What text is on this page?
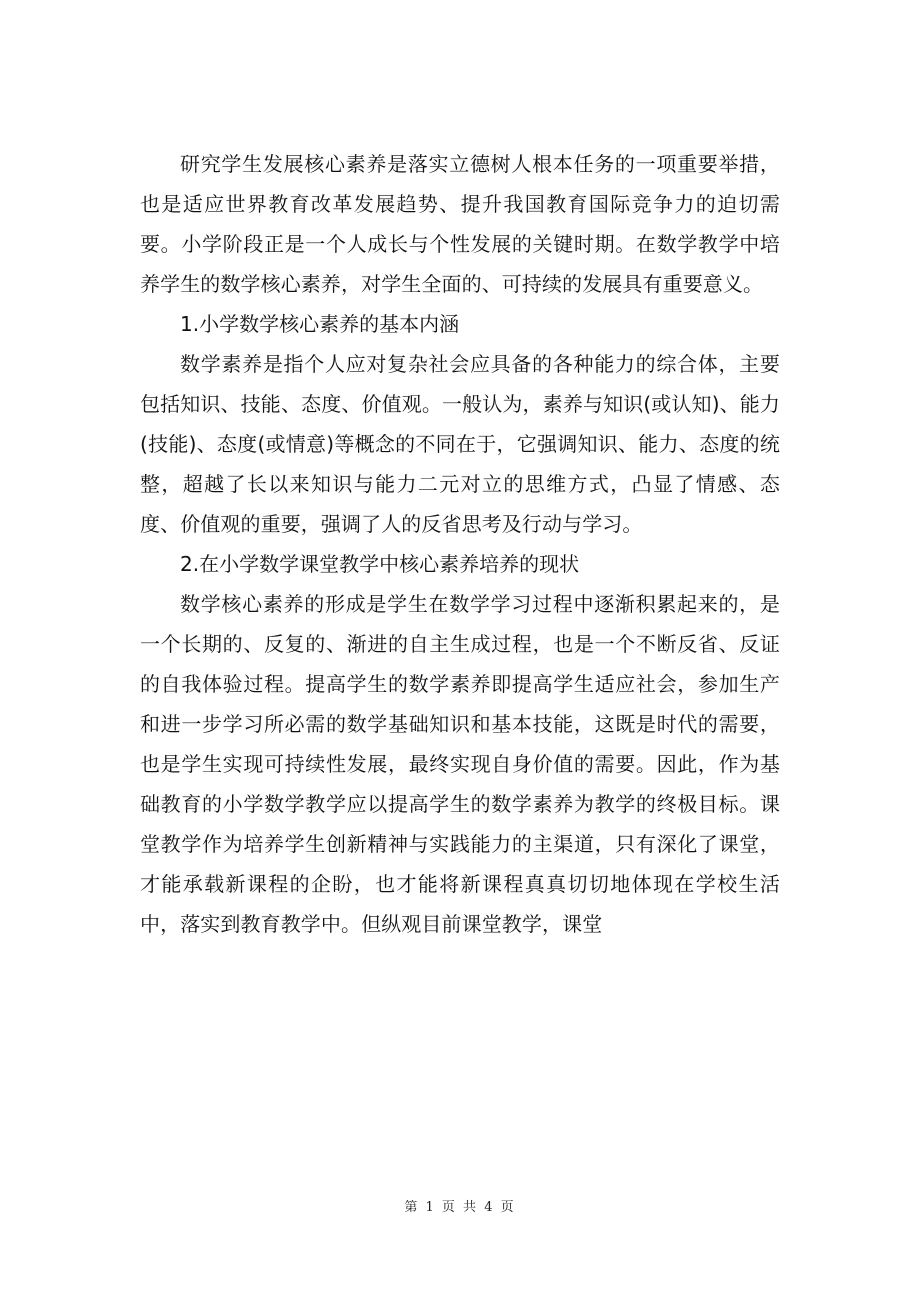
研究学生发展核心素养是落实立德树人根本任务的一项重要举措，也是适应世界教育改革发展趋势、提升我国教育国际竞争力的迫切需要。小学阶段正是一个人成长与个性发展的关键时期。在数学教学中培养学生的数学核心素养，对学生全面的、可持续的发展具有重要意义。

1.小学数学核心素养的基本内涵

数学素养是指个人应对复杂社会应具备的各种能力的综合体，主要包括知识、技能、态度、价值观。一般认为，素养与知识(或认知)、能力(技能)、态度(或情意)等概念的不同在于，它强调知识、能力、态度的统整，超越了长以来知识与能力二元对立的思维方式，凸显了情感、态度、价值观的重要，强调了人的反省思考及行动与学习。

2.在小学数学课堂教学中核心素养培养的现状

数学核心素养的形成是学生在数学学习过程中逐渐积累起来的，是一个长期的、反复的、渐进的自主生成过程，也是一个不断反省、反证的自我体验过程。提高学生的数学素养即提高学生适应社会，参加生产和进一步学习所必需的数学基础知识和基本技能，这既是时代的需要，也是学生实现可持续性发展，最终实现自身价值的需要。因此，作为基础教育的小学数学教学应以提高学生的数学素养为教学的终极目标。课堂教学作为培养学生创新精神与实践能力的主渠道，只有深化了课堂，才能承载新课程的企盼，也才能将新课程真真切切地体现在学校生活中，落实到教育教学中。但纵观目前课堂教学，课堂

第 1 页 共 4 页
